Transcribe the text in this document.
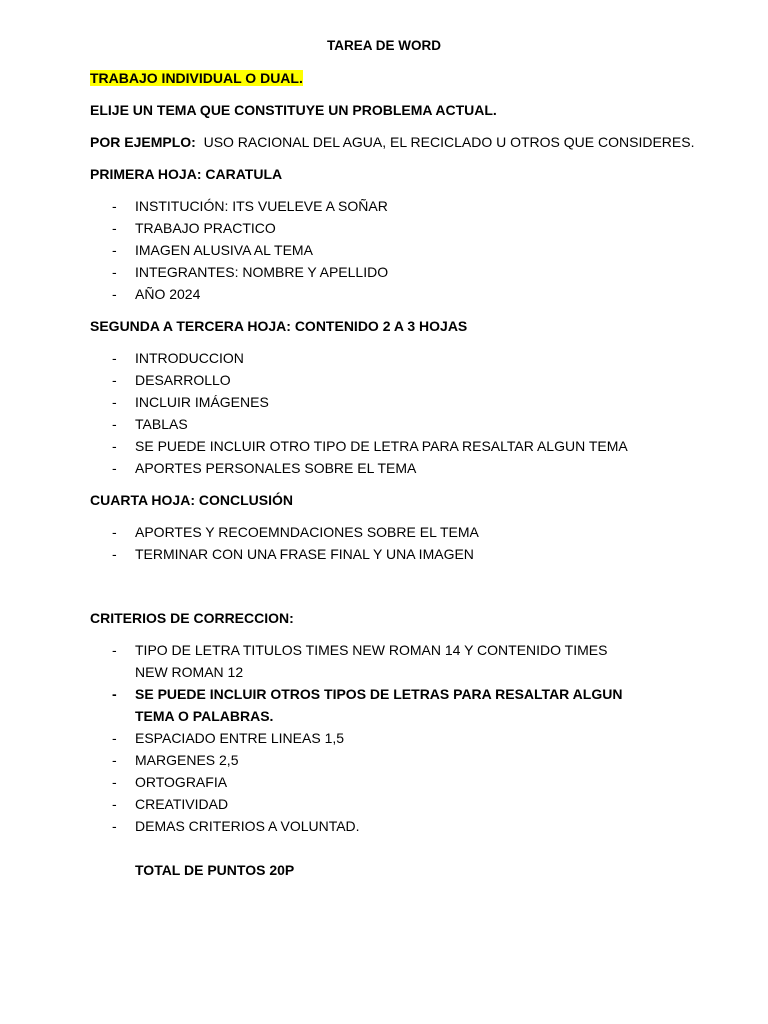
TAREA DE WORD

TRABAJO INDIVIDUAL O DUAL.

ELIJE UN TEMA QUE CONSTITUYE UN PROBLEMA ACTUAL.

POR EJEMPLO: USO RACIONAL DEL AGUA, EL RECICLADO U OTROS QUE CONSIDERES.

PRIMERA HOJA: CARATULA

- INSTITUCIÓN: ITS VUELEVE A SOÑAR
- TRABAJO PRACTICO
- IMAGEN ALUSIVA AL TEMA
- INTEGRANTES: NOMBRE Y APELLIDO
- AÑO 2024

SEGUNDA A TERCERA HOJA: CONTENIDO 2 A 3 HOJAS

- INTRODUCCION
- DESARROLLO
- INCLUIR IMÁGENES
- TABLAS
- SE PUEDE INCLUIR OTRO TIPO DE LETRA PARA RESALTAR ALGUN TEMA
- APORTES PERSONALES SOBRE EL TEMA

CUARTA HOJA: CONCLUSIÓN

- APORTES Y RECOEMNDACIONES SOBRE EL TEMA
- TERMINAR CON UNA FRASE FINAL Y UNA IMAGEN

CRITERIOS DE CORRECCION:

- TIPO DE LETRA TITULOS TIMES NEW ROMAN 14 Y CONTENIDO TIMES NEW ROMAN 12
- SE PUEDE INCLUIR OTROS TIPOS DE LETRAS PARA RESALTAR ALGUN TEMA O PALABRAS.
- ESPACIADO ENTRE LINEAS 1,5
- MARGENES 2,5
- ORTOGRAFIA
- CREATIVIDAD
- DEMAS CRITERIOS A VOLUNTAD.

TOTAL DE PUNTOS 20P
